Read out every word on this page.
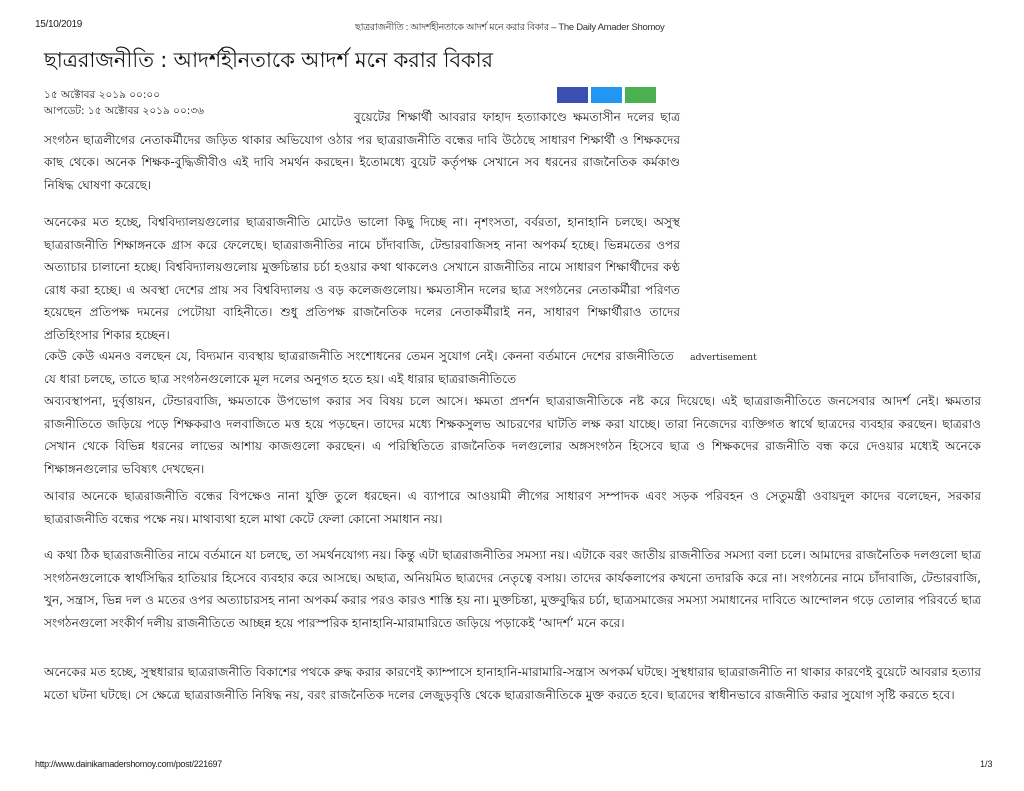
15/10/2019	ছাত্ররাজনীতি : আদর্শহীনতাকে আদর্শ মনে করার বিকার – The Daily Amader Shomoy
ছাত্ররাজনীতি : আদর্শহীনতাকে আদর্শ মনে করার বিকার
১৫ অক্টোবর ২০১৯ ০০:০০
আপডেট: ১৫ অক্টোবর ২০১৯ ০০:৩৬	বুয়েটের শিক্ষার্থী আবরার ফাহাদ হত্যাকাণ্ডে ক্ষমতাসীন দলের ছাত্র সংগঠন ছাত্রলীগের নেতাকর্মীদের জড়িত থাকার অভিযোগ ওঠার পর ছাত্ররাজনীতি বন্ধের দাবি উঠেছে সাধারণ শিক্ষার্থী ও শিক্ষকদের কাছ থেকে। অনেক শিক্ষক-বুদ্ধিজীবীও এই দাবি সমর্থন করছেন। ইতোমধ্যে বুয়েট কর্তৃপক্ষ সেখানে সব ধরনের রাজনৈতিক কর্মকাণ্ড নিষিদ্ধ ঘোষণা করেছে।

অনেকের মত হচ্ছে, বিশ্ববিদ্যালয়গুলোর ছাত্ররাজনীতি মোটেও ভালো কিছু দিচ্ছে না। নৃশংসতা, বর্বরতা, হানাহানি চলছে। অসুস্থ ছাত্ররাজনীতি শিক্ষাঙ্গনকে গ্রাস করে ফেলেছে। ছাত্ররাজনীতির নামে চাঁদাবাজি, টেন্ডারবাজিসহ নানা অপকর্ম হচ্ছে। ভিন্নমতের ওপর অত্যাচার চালানো হচ্ছে। বিশ্ববিদ্যালয়গুলোয় মুক্তচিন্তার চর্চা হওয়ার কথা থাকলেও সেখানে রাজনীতির নামে সাধারণ শিক্ষার্থীদের কণ্ঠ রোধ করা হচ্ছে। এ অবস্থা দেশের প্রায় সব বিশ্ববিদ্যালয় ও বড় কলেজগুলোয়। ক্ষমতাসীন দলের ছাত্র সংগঠনের নেতাকর্মীরা পরিণত হয়েছেন প্রতিপক্ষ দমনের পেটোয়া বাহিনীতে। শুধু প্রতিপক্ষ রাজনৈতিক দলের নেতাকর্মীরাই নন, সাধারণ শিক্ষার্থীরাও তাদের প্রতিহিংসার শিকার হচ্ছেন।

advertisement
কেউ কেউ এমনও বলছেন যে, বিদ্যমান ব্যবস্থায় ছাত্ররাজনীতি সংশোধনের তেমন সুযোগ নেই। কেননা বর্তমানে দেশের রাজনীতিতে যে ধারা চলছে, তাতে ছাত্র সংগঠনগুলোকে মূল দলের অনুগত হতে হয়। এই ধারার ছাত্ররাজনীতিতে
অব্যবস্থাপনা, দুর্বৃত্তায়ন, টেন্ডারবাজি, ক্ষমতাকে উপভোগ করার সব বিষয় চলে আসে। ক্ষমতা প্রদর্শন ছাত্ররাজনীতিকে নষ্ট করে দিয়েছে। এই ছাত্ররাজনীতিতে জনসেবার আদর্শ নেই। ক্ষমতার রাজনীতিতে জড়িয়ে পড়ে শিক্ষকরাও দলবাজিতে মত্ত হয়ে পড়ছেন। তাদের মধ্যে শিক্ষকসুলভ আচরণের ঘাটতি লক্ষ করা যাচ্ছে। তারা নিজেদের ব্যক্তিগত স্বার্থে ছাত্রদের ব্যবহার করছেন। ছাত্ররাও সেখান থেকে বিভিন্ন ধরনের লাভের আশায় কাজগুলো করছেন। এ পরিস্থিতিতে রাজনৈতিক দলগুলোর অঙ্গসংগঠন হিসেবে ছাত্র ও শিক্ষকদের রাজনীতি বন্ধ করে দেওয়ার মধ্যেই অনেকে শিক্ষাঙ্গনগুলোর ভবিষ্যৎ দেখছেন।

আবার অনেকে ছাত্ররাজনীতি বন্ধের বিপক্ষেও নানা যুক্তি তুলে ধরছেন। এ ব্যাপারে আওয়ামী লীগের সাধারণ সম্পাদক এবং সড়ক পরিবহন ও সেতুমন্ত্রী ওবায়দুল কাদের বলেছেন, সরকার ছাত্ররাজনীতি বন্ধের পক্ষে নয়। মাথাব্যথা হলে মাথা কেটে ফেলা কোনো সমাধান নয়।

এ কথা ঠিক ছাত্ররাজনীতির নামে বর্তমানে যা চলছে, তা সমর্থনযোগ্য নয়। কিন্তু এটা ছাত্ররাজনীতির সমস্যা নয়। এটাকে বরং জাতীয় রাজনীতির সমস্যা বলা চলে। আমাদের রাজনৈতিক দলগুলো ছাত্র সংগঠনগুলোকে স্বার্থসিদ্ধির হাতিয়ার হিসেবে ব্যবহার করে আসছে। অছাত্র, অনিয়মিত ছাত্রদের নেতৃত্বে বসায়। তাদের কার্যকলাপের কখনো তদারকি করে না। সংগঠনের নামে চাঁদাবাজি, টেন্ডারবাজি, খুন, সন্ত্রাস, ভিন্ন দল ও মতের ওপর অত্যাচারসহ নানা অপকর্ম করার পরও কারও শাস্তি হয় না। মুক্তচিন্তা, মুক্তবুদ্ধির চর্চা, ছাত্রসমাজের সমস্যা সমাধানের দাবিতে আন্দোলন গড়ে তোলার পরিবর্তে ছাত্র সংগঠনগুলো সংকীর্ণ দলীয় রাজনীতিতে আচ্ছন্ন হয়ে পারস্পরিক হানাহানি-মারামারিতে জড়িয়ে পড়াকেই ‘আদর্শ’ মনে করে।

অনেকের মত হচ্ছে, সুস্থধারার ছাত্ররাজনীতি বিকাশের পথকে রুদ্ধ করার কারণেই ক্যাম্পাসে হানাহানি-মারামারি-সন্ত্রাস অপকর্ম ঘটছে। সুস্থধারার ছাত্ররাজনীতি না থাকার কারণেই বুয়েটে আবরার হত্যার মতো ঘটনা ঘটছে। সে ক্ষেত্রে ছাত্ররাজনীতি নিষিদ্ধ নয়, বরং রাজনৈতিক দলের লেজুড়বৃত্তি থেকে ছাত্ররাজনীতিকে মুক্ত করতে হবে। ছাত্রদের স্বাধীনভাবে রাজনীতি করার সুযোগ সৃষ্টি করতে হবে।

http://www.dainikamadershomoy.com/post/221697	1/3
